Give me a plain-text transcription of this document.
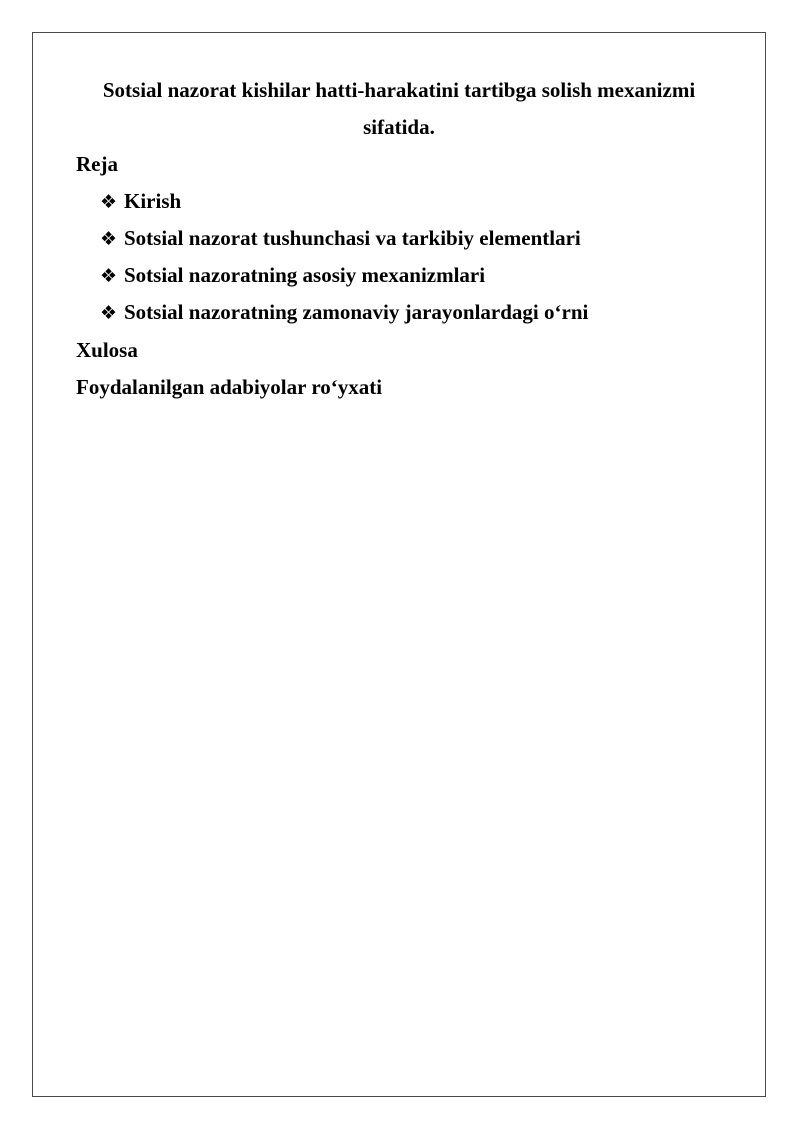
Sotsial nazorat kishilar hatti-harakatini tartibga solish mexanizmi
sifatida.
Reja
❖ Kirish
❖ Sotsial nazorat tushunchasi va tarkibiy elementlari
❖ Sotsial nazoratning asosiy mexanizmlari
❖ Sotsial nazoratning zamonaviy jarayonlardagi o‘rni
Xulosa
Foydalanilgan adabiyolar ro‘yxati
